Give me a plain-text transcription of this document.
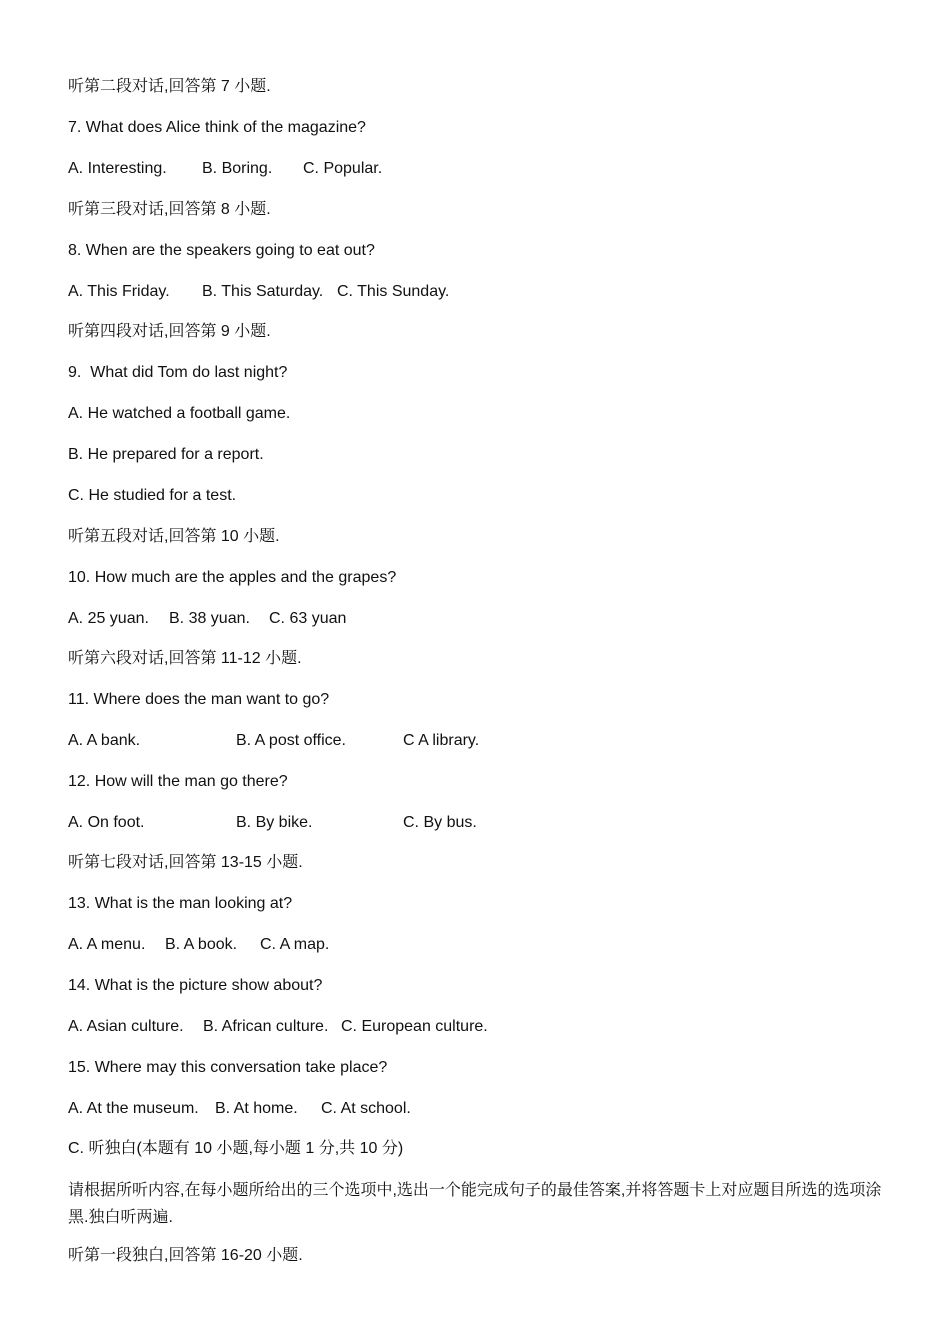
听第二段对话,回答第 7 小题.
7. What does Alice think of the magazine?
A. Interesting. B. Boring. C. Popular.
听第三段对话,回答第 8 小题.
8. When are the speakers going to eat out?
A. This Friday. B. This Saturday. C. This Sunday.
听第四段对话,回答第 9 小题.
9.  What did Tom do last night?
A. He watched a football game.
B. He prepared for a report.
C. He studied for a test.
听第五段对话,回答第 10 小题.
10. How much are the apples and the grapes?
A. 25 yuan. B. 38 yuan. C. 63 yuan
听第六段对话,回答第 11-12 小题.
11. Where does the man want to go?
A. A bank.	B. A post office.	C A library.
12. How will the man go there?
A. On foot.	B. By bike.	C. By bus.
听第七段对话,回答第 13-15 小题.
13. What is the man looking at?
A. A menu. B. A book. C. A map.
14. What is the picture show about?
A. Asian culture. B. African culture. C. European culture.
15. Where may this conversation take place?
A. At the museum. B. At home. C. At school.
C. 听独白(本题有 10 小题,每小题 1 分,共 10 分)
请根据所听内容,在每小题所给出的三个选项中,选出一个能完成句子的最佳答案,并将答题卡上对应题目所选的选项涂黑.独白听两遍.
听第一段独白,回答第 16-20 小题.
